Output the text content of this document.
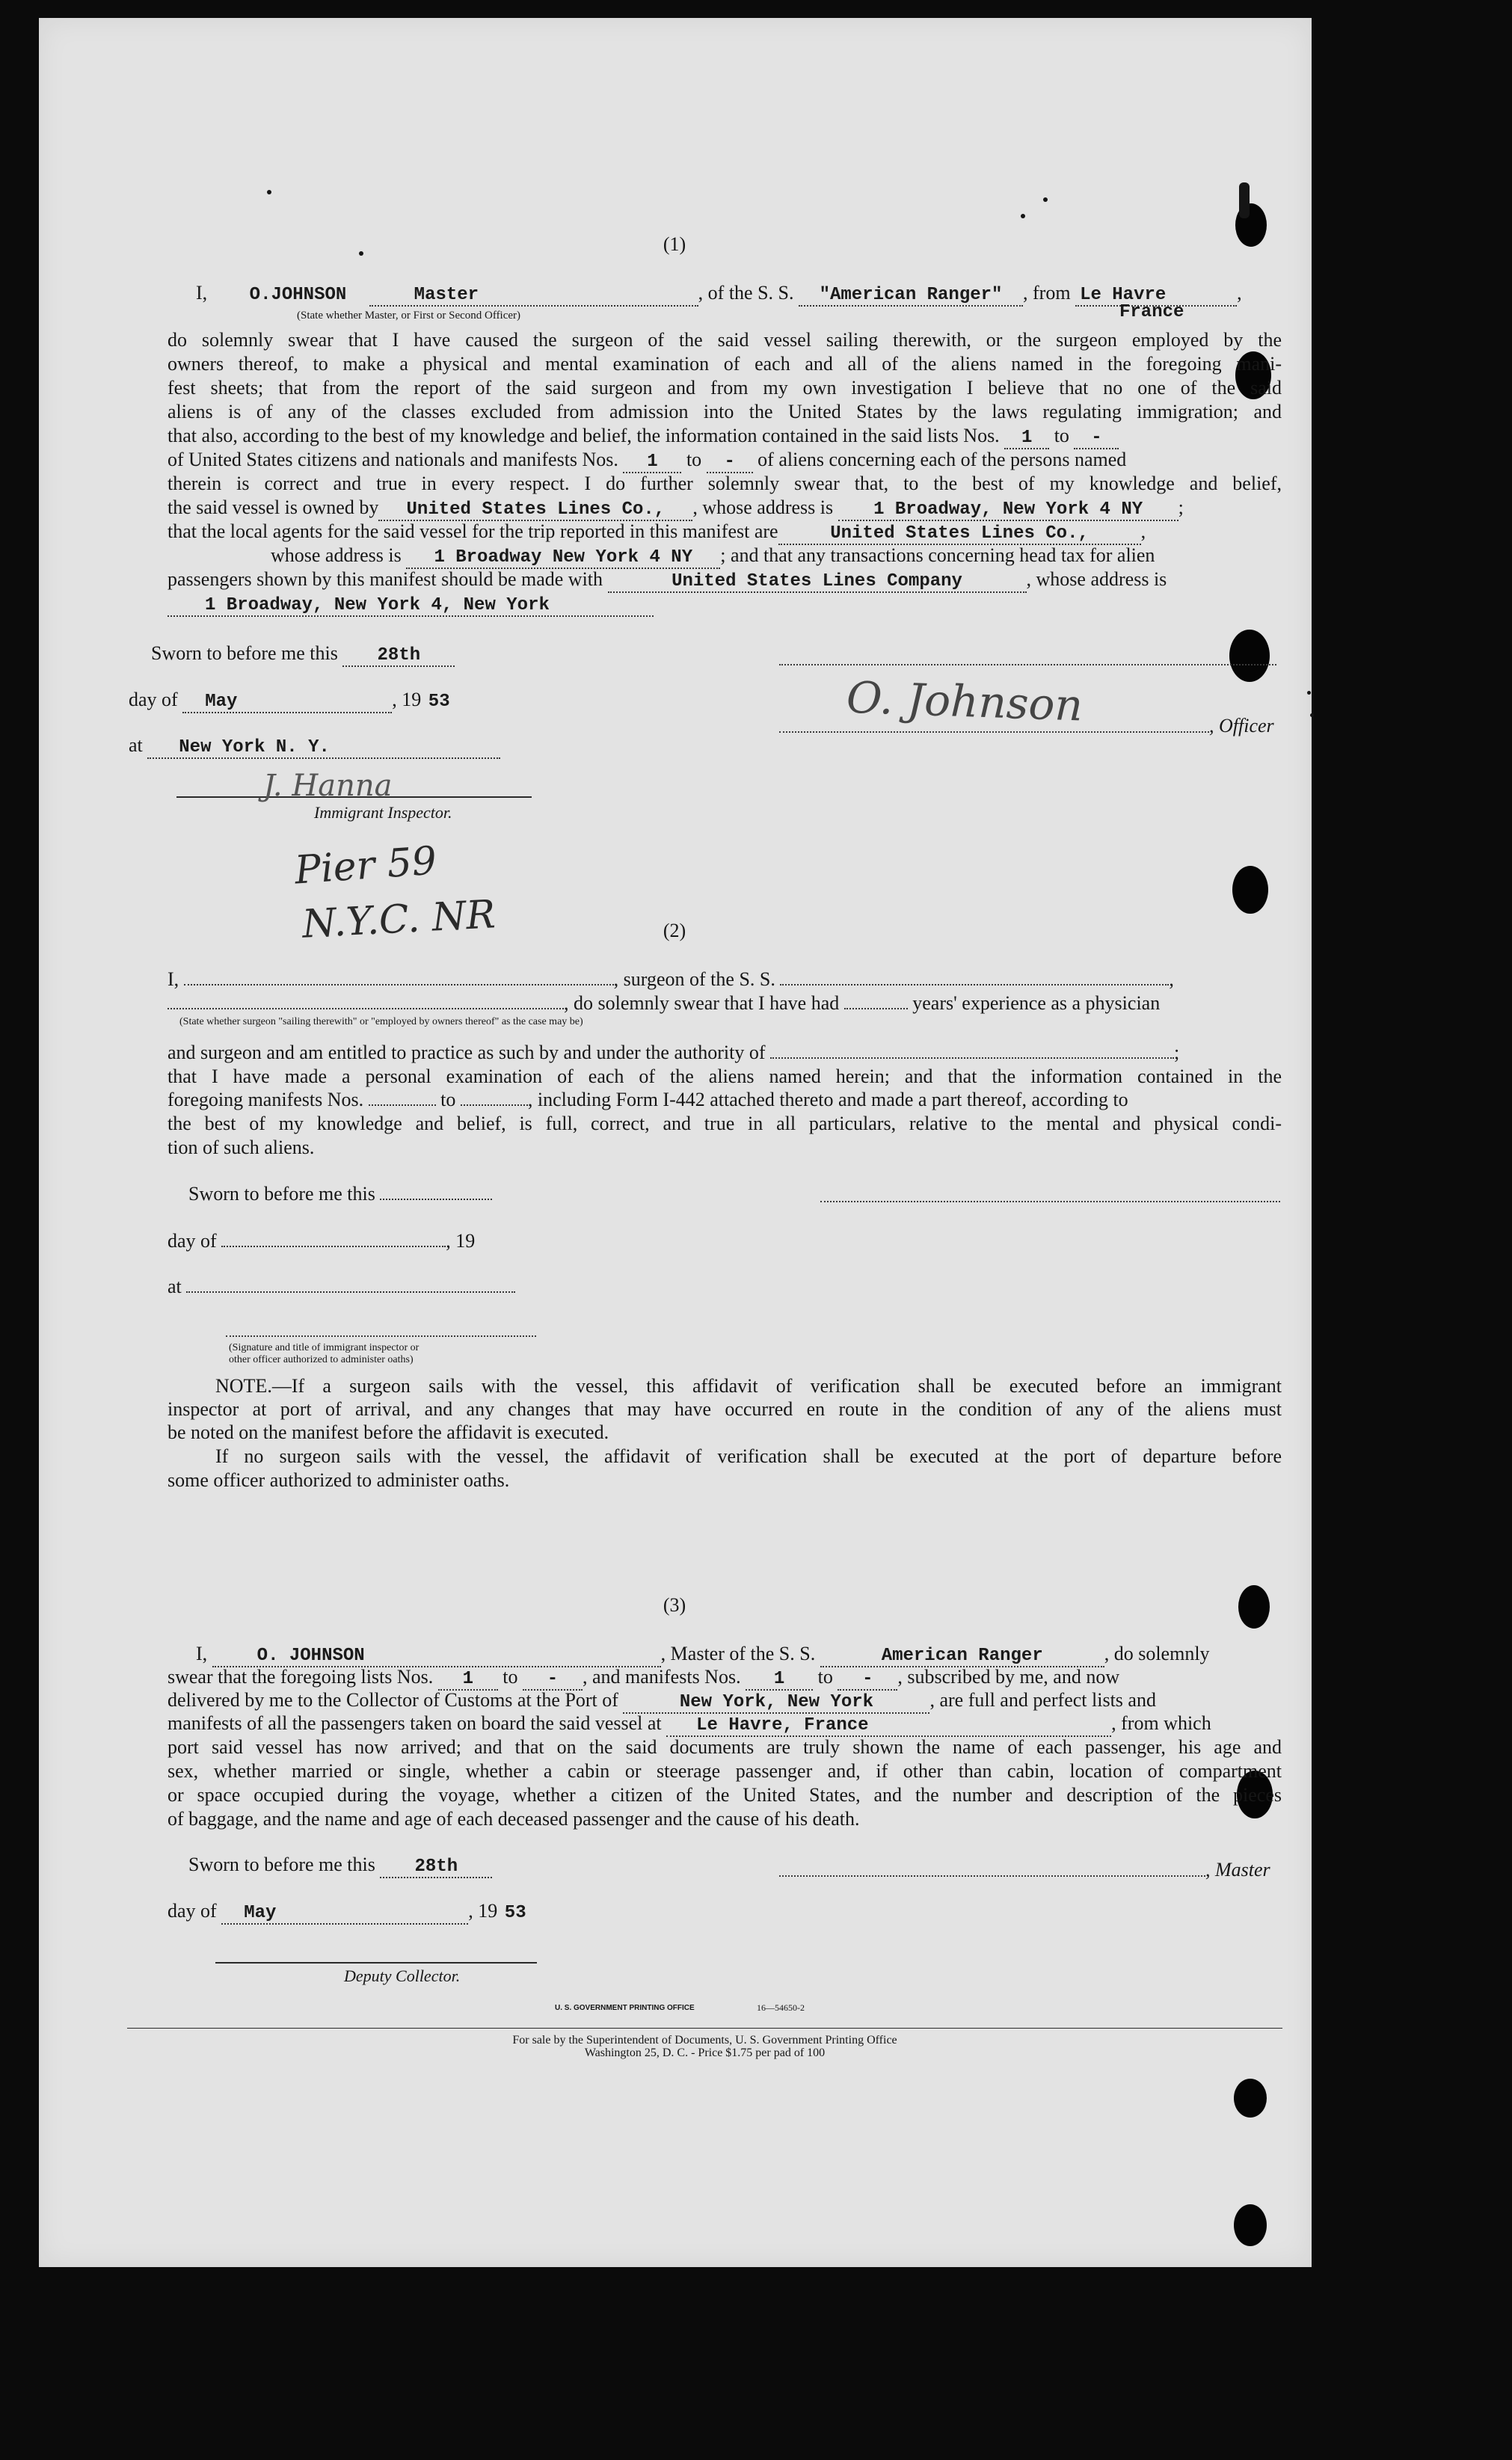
(1)
I, O.JOHNSON	Master	, of the S. S. "American Ranger" , from Le Havre	,
(State whether Master, or First or Second Officer)	France
do solemnly swear that I have caused the surgeon of the said vessel sailing therewith, or the surgeon employed by the
owners thereof, to make a physical and mental examination of each and all of the aliens named in the foregoing mani-
fest sheets; that from the report of the said surgeon and from my own investigation I believe that no one of the said
aliens is of any of the classes excluded from admission into the United States by the laws regulating immigration; and
that also, according to the best of my knowledge and belief, the information contained in the said lists Nos. 1 to -
of United States citizens and nationals and manifests Nos. 1 to - of aliens concerning each of the persons named
therein is correct and true in every respect. I do further solemnly swear that, to the best of my knowledge and belief,
the said vessel is owned by United States Lines Co., , whose address is 1 Broadway, New York 4 NY ;
that the local agents for the said vessel for the trip reported in this manifest are	United States Lines Co.,	,
whose address is 1 Broadway New York 4 NY ; and that any transactions concerning head tax for alien
passengers shown by this manifest should be made with	United States Lines Company	, whose address is
1 Broadway, New York 4, New York
Sworn to before me this 28th
day of May	, 19 53
at New York N. Y.
O. Johnson	, Officer
J. Hanna
Immigrant Inspector.
Pier 59
N.Y.C. NR	(2)
I,	, surgeon of the S. S.	,
, do solemnly swear that I have had	years' experience as a physician
(State whether surgeon "sailing therewith" or "employed by owners thereof" as the case may be)
and surgeon and am entitled to practice as such by and under the authority of	;
that I have made a personal examination of each of the aliens named herein; and that the information contained in the
foregoing manifests Nos.	to	, including Form I-442 attached thereto and made a part thereof, according to
the best of my knowledge and belief, is full, correct, and true in all particulars, relative to the mental and physical condi-
tion of such aliens.
Sworn to before me this
day of	, 19
at
(Signature and title of immigrant inspector or
other officer authorized to administer oaths)
NOTE.—If a surgeon sails with the vessel, this affidavit of verification shall be executed before an immigrant
inspector at port of arrival, and any changes that may have occurred en route in the condition of any of the aliens must
be noted on the manifest before the affidavit is executed.
If no surgeon sails with the vessel, the affidavit of verification shall be executed at the port of departure before
some officer authorized to administer oaths.
(3)
I,	O. JOHNSON	, Master of the S. S.	American Ranger	, do solemnly
swear that the foregoing lists Nos. 1 to - , and manifests Nos. 1 to - , subscribed by me, and now
delivered by me to the Collector of Customs at the Port of	New York, New York	, are full and perfect lists and
manifests of all the passengers taken on board the said vessel at Le Havre, France	, from which
port said vessel has now arrived; and that on the said documents are truly shown the name of each passenger, his age and
sex, whether married or single, whether a cabin or steerage passenger and, if other than cabin, location of compartment
or space occupied during the voyage, whether a citizen of the United States, and the number and description of the pieces
of baggage, and the name and age of each deceased passenger and the cause of his death.
Sworn to before me this 28th	, Master
day of May	, 19 53
Deputy Collector.
U. S. GOVERNMENT PRINTING OFFICE	16—54650-2
For sale by the Superintendent of Documents, U. S. Government Printing Office
Washington 25, D. C. - Price $1.75 per pad of 100
